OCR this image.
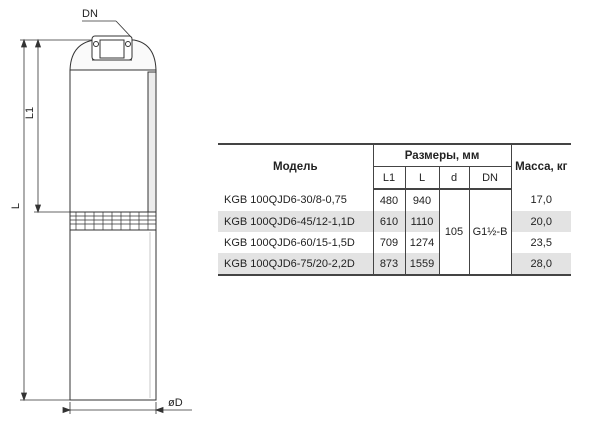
DN
L
L1
øD
Модель	Размеры, мм				Масса, кг
	L1	L	d	DN	
KGB 100QJD6-30/8-0,75	480	940	105	G1½-B	17,0
KGB 100QJD6-45/12-1,1D	610	1110			20,0
KGB 100QJD6-60/15-1,5D	709	1274			23,5
KGB 100QJD6-75/20-2,2D	873	1559			28,0
